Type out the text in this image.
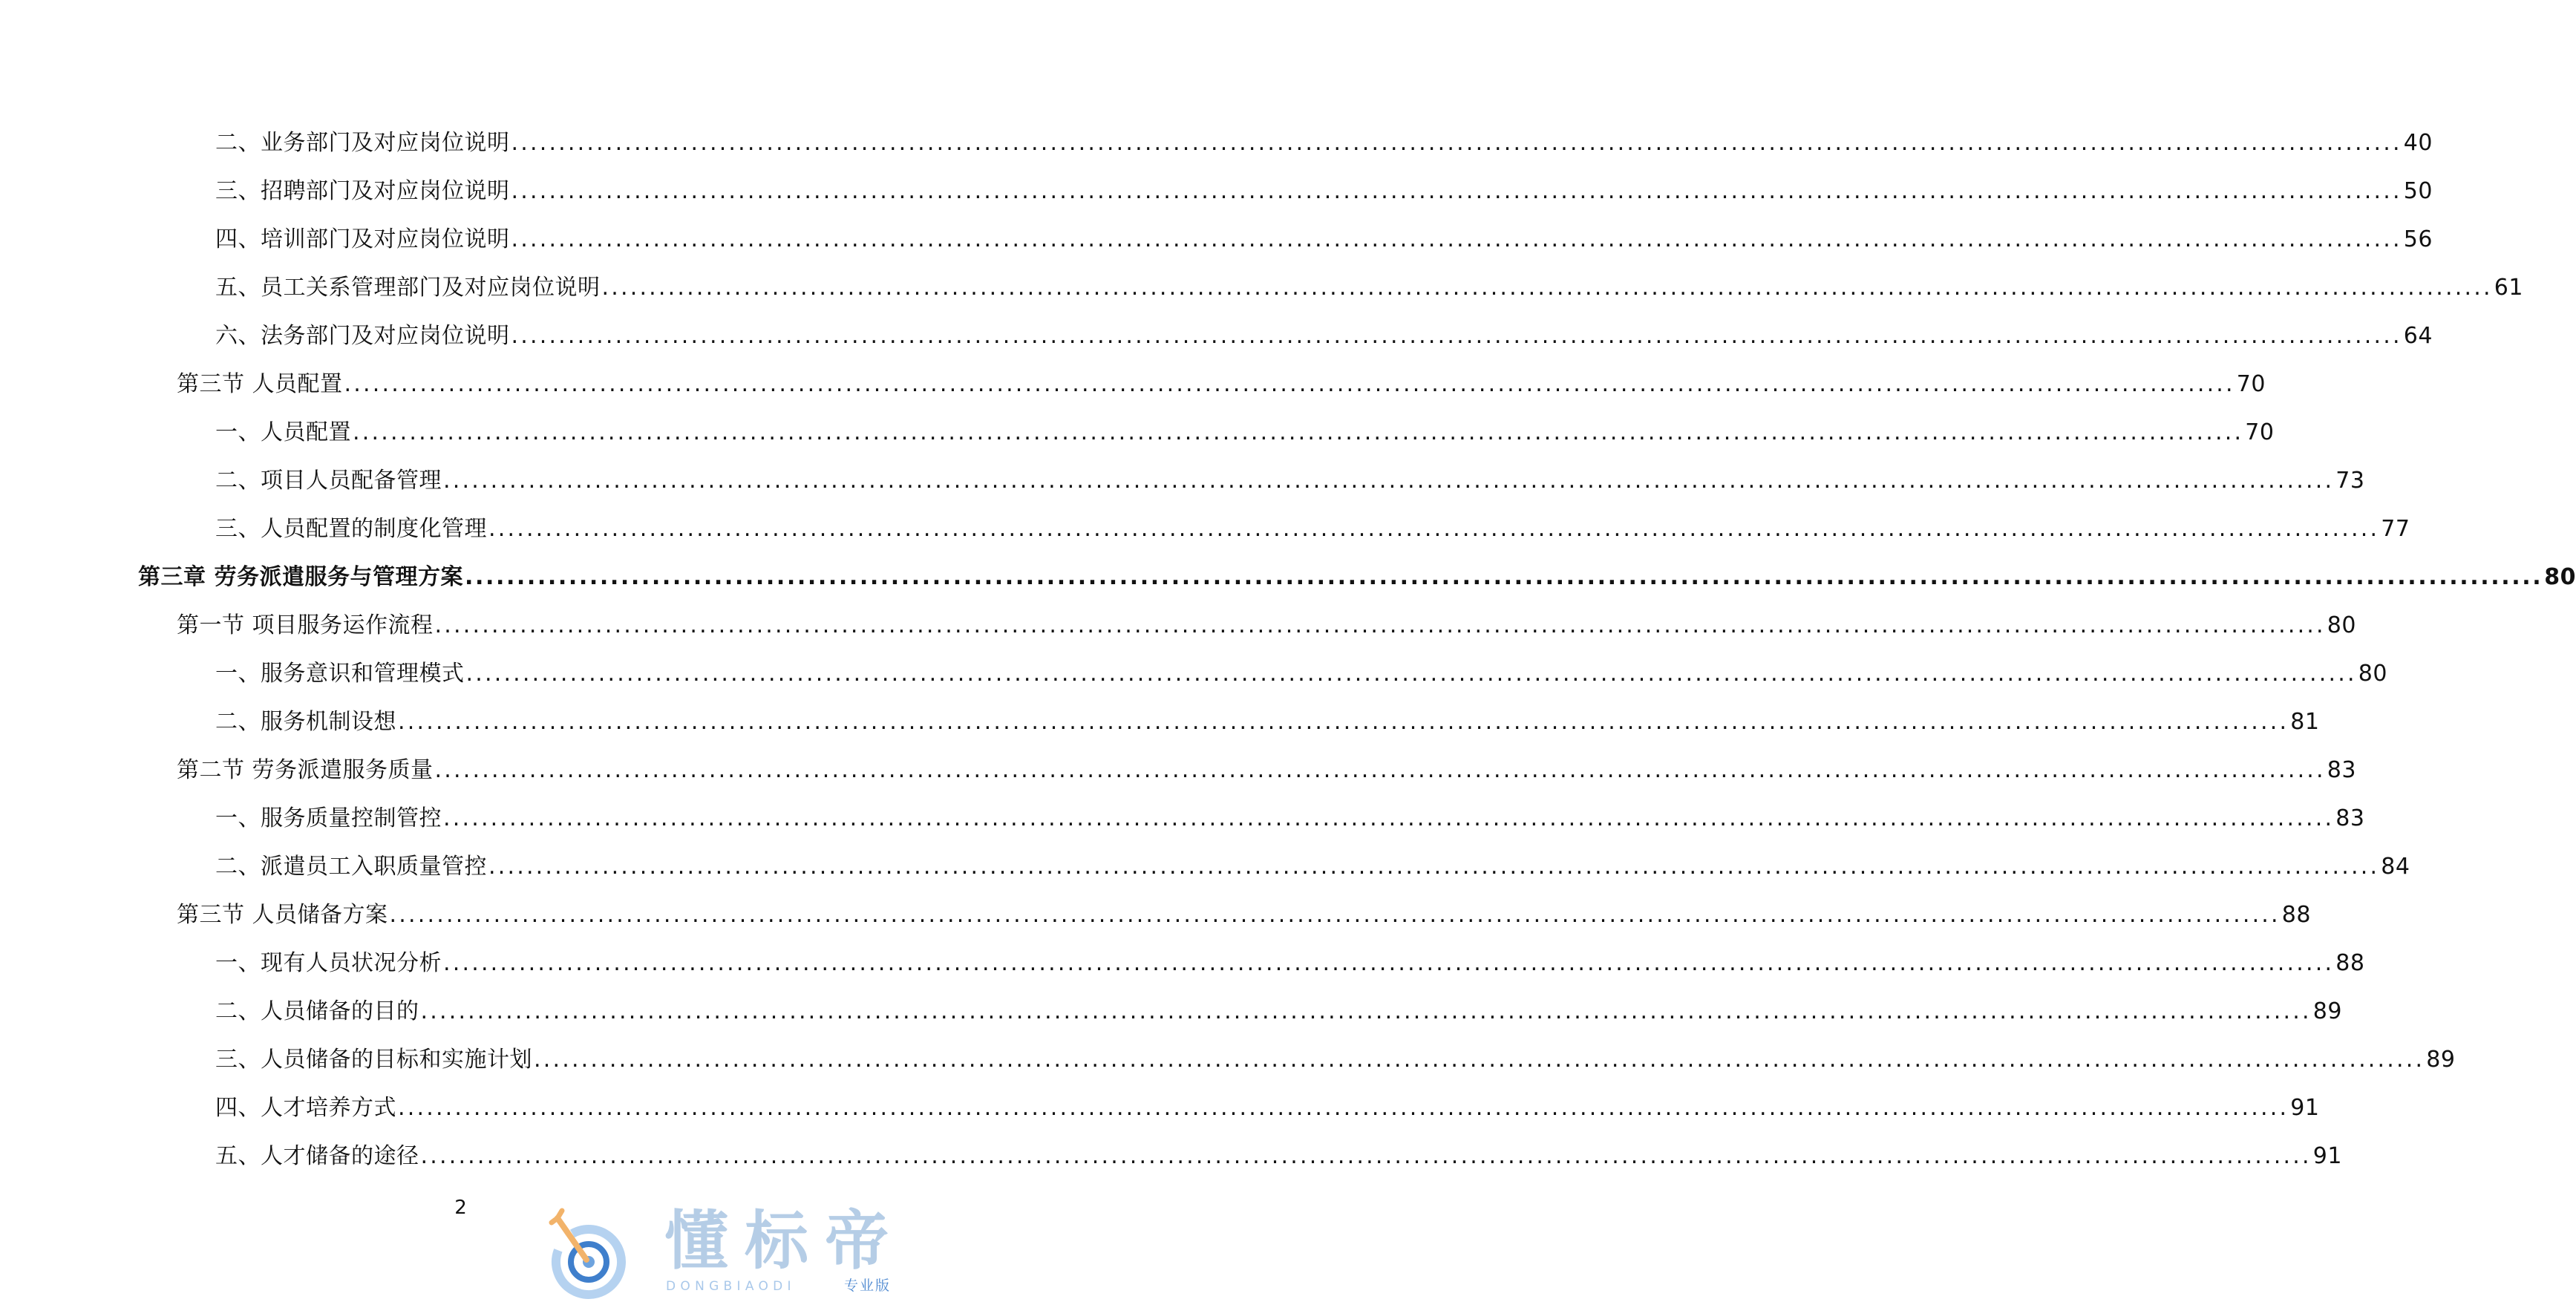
二、业务部门及对应岗位说明 ........................................................................................................................................................................................................ 40
三、招聘部门及对应岗位说明 ........................................................................................................................................................................................................ 50
四、培训部门及对应岗位说明 ........................................................................................................................................................................................................ 56
五、员工关系管理部门及对应岗位说明 ........................................................................................................................................................................................................ 61
六、法务部门及对应岗位说明 ........................................................................................................................................................................................................ 64
第三节 人员配置 ........................................................................................................................................................................................................ 70
一、人员配置 ........................................................................................................................................................................................................ 70
二、项目人员配备管理 ........................................................................................................................................................................................................ 73
三、人员配置的制度化管理 ........................................................................................................................................................................................................ 77
第三章 劳务派遣服务与管理方案 ........................................................................................................................................................................................................ 80
第一节 项目服务运作流程 ........................................................................................................................................................................................................ 80
一、服务意识和管理模式 ........................................................................................................................................................................................................ 80
二、服务机制设想 ........................................................................................................................................................................................................ 81
第二节 劳务派遣服务质量 ........................................................................................................................................................................................................ 83
一、服务质量控制管控 ........................................................................................................................................................................................................ 83
二、派遣员工入职质量管控 ........................................................................................................................................................................................................ 84
第三节 人员储备方案 ........................................................................................................................................................................................................ 88
一、现有人员状况分析 ........................................................................................................................................................................................................ 88
二、人员储备的目的 ........................................................................................................................................................................................................ 89
三、人员储备的目标和实施计划 ........................................................................................................................................................................................................ 89
四、人才培养方式 ........................................................................................................................................................................................................ 91
五、人才储备的途径 ........................................................................................................................................................................................................ 91
2	懂标帝
DONGBIAODI	专业版
